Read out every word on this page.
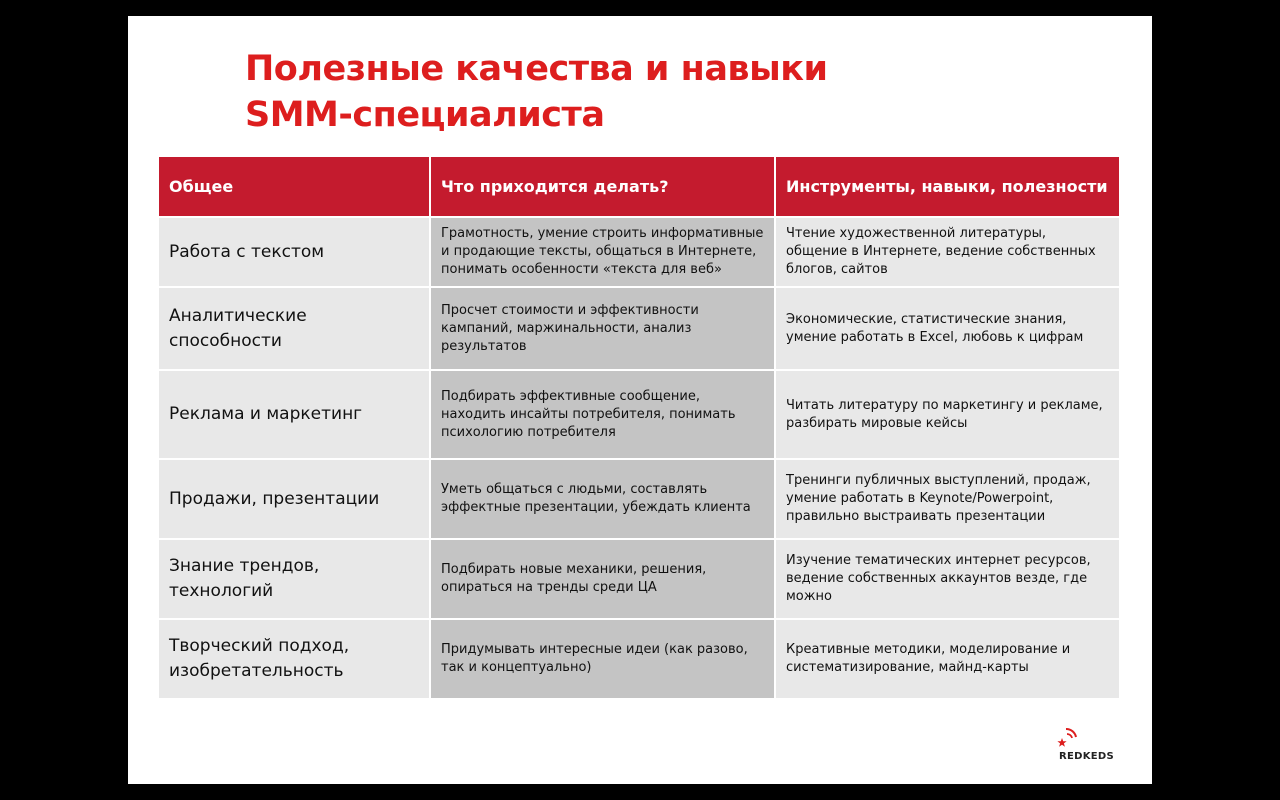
Полезные качества и навыки
SMM-специалиста
Общее	Что приходится делать?	Инструменты, навыки, полезности
Работа с текстом	Грамотность, умение строить информативные и продающие тексты, общаться в Интернете, понимать особенности «текста для веб»	Чтение художественной литературы, общение в Интернете, ведение собственных блогов, сайтов
Аналитические способности	Просчет стоимости и эффективности кампаний, маржинальности, анализ результатов	Экономические, статистические знания, умение работать в Excel, любовь к цифрам
Реклама и маркетинг	Подбирать эффективные сообщение, находить инсайты потребителя, понимать психологию потребителя	Читать литературу по маркетингу и рекламе, разбирать мировые кейсы
Продажи, презентации	Уметь общаться с людьми, составлять эффектные презентации, убеждать клиента	Тренинги публичных выступлений, продаж, умение работать в Keynote/Powerpoint, правильно выстраивать презентации
Знание трендов, технологий	Подбирать новые механики, решения, опираться на тренды среди ЦА	Изучение тематических интернет ресурсов, ведение собственных аккаунтов везде, где можно
Творческий подход, изобретательность	Придумывать интересные идеи (как разово, так и концептуально)	Креативные методики, моделирование и систематизирование, майнд-карты
REDKEDS
